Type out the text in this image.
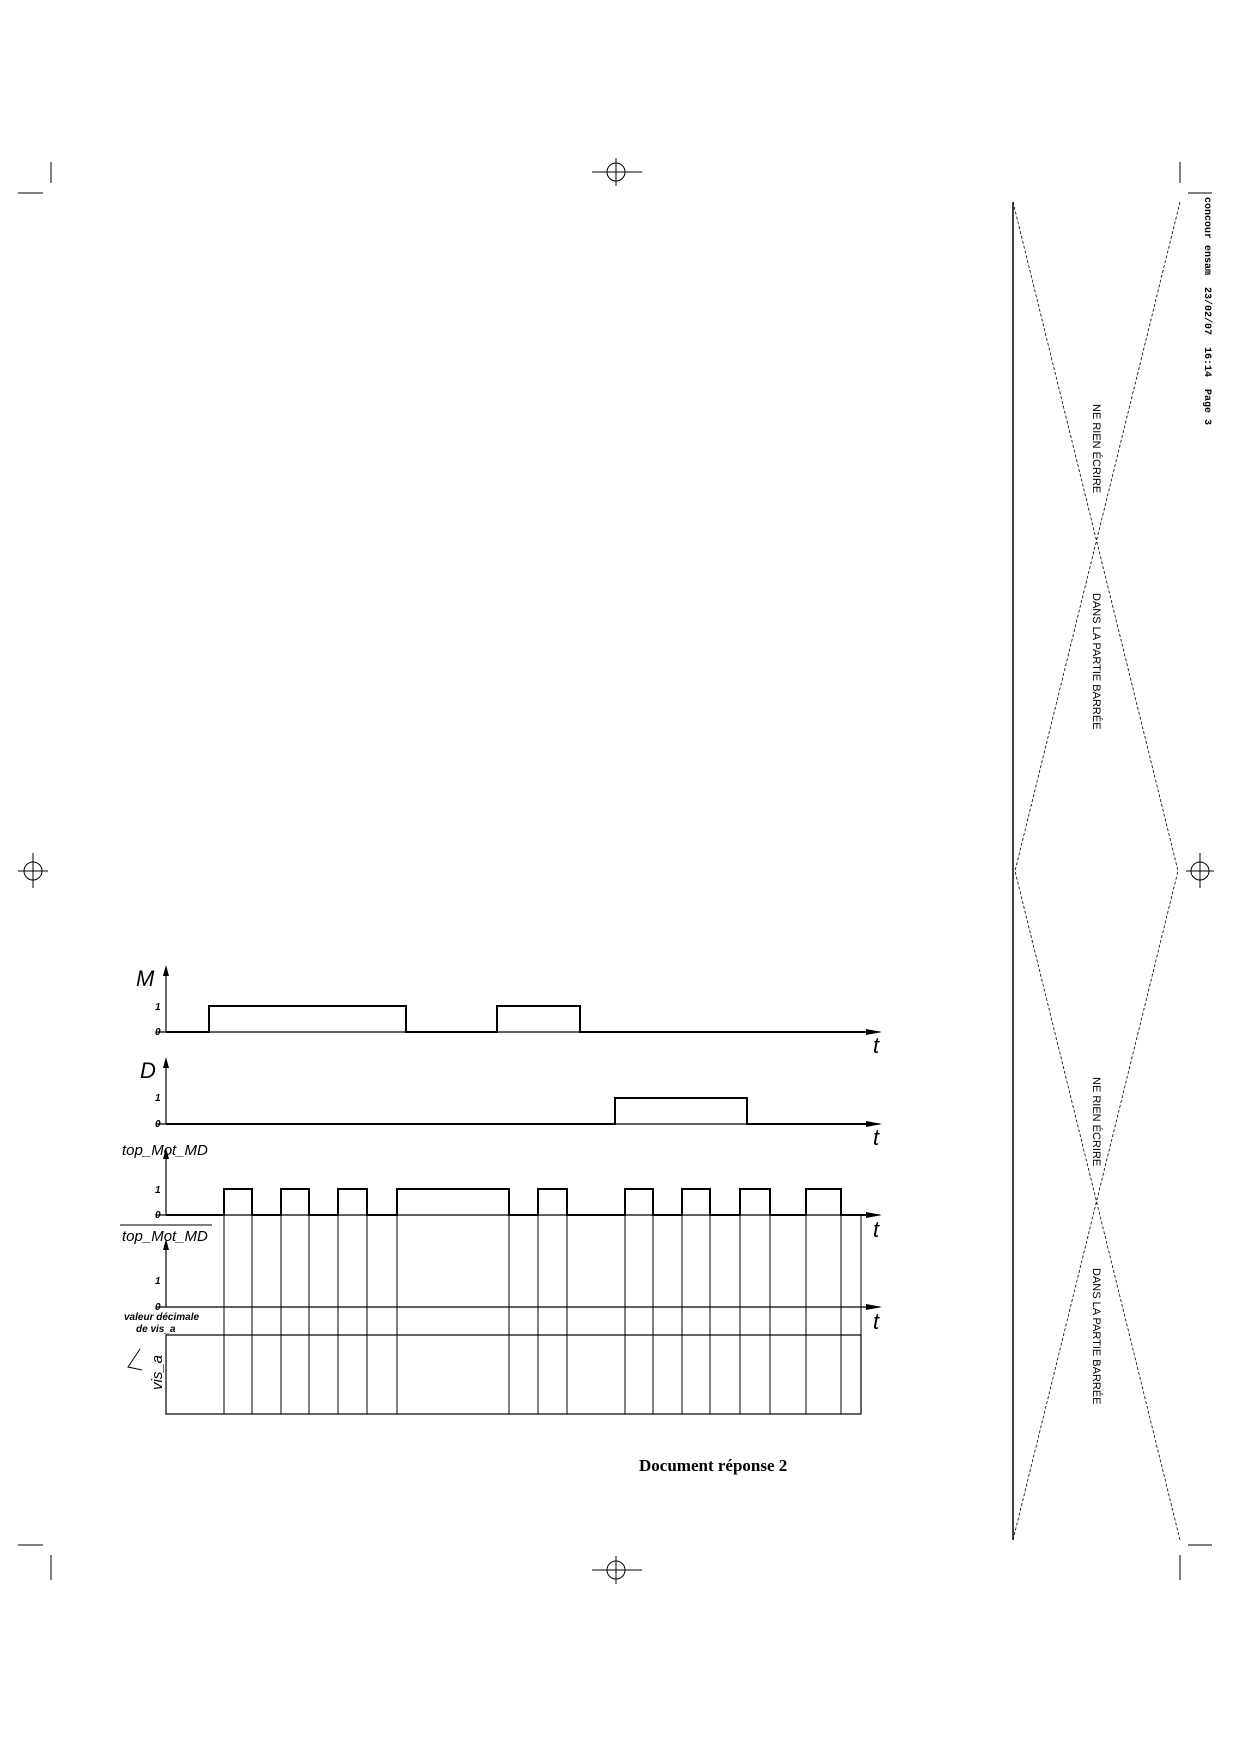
NE RIEN ÉCRIRE
DANS LA PARTIE BARRÉE
NE RIEN ÉCRIRE
DANS LA PARTIE BARRÉE
concour ensam  23/02/07  16:14  Page 3
M
1
0
t
D
1
0
t
top_Mot_MD
1
0
t
top_Mot_MD
1
0
t
valeur décimale
de vis_a
vis_a
Document réponse 2
